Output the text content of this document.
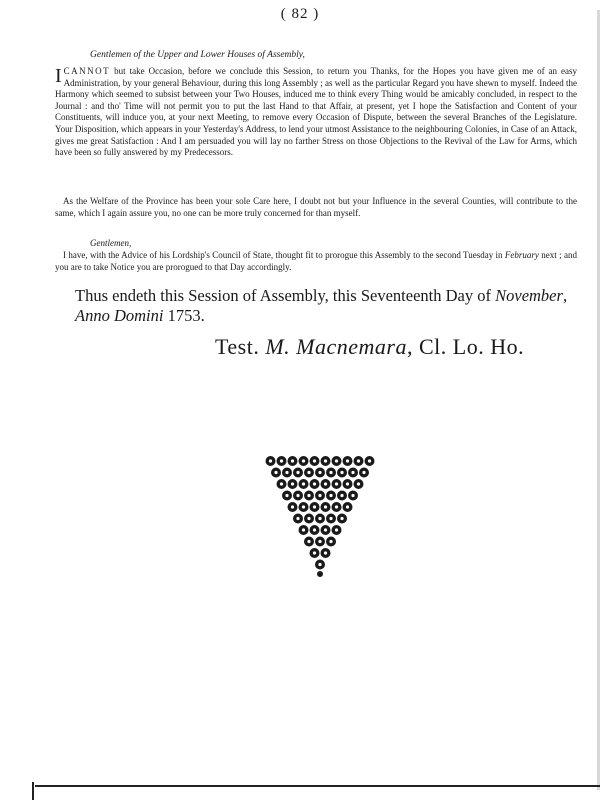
( 82 )
Gentlemen of the Upper and Lower Houses of Assembly,
ICANNOT but take Occasion, before we conclude this Session, to return you Thanks, for the Hopes you have given me of an easy Administration, by your general Behaviour, during this long Assembly ; as well as the particular Regard you have shewn to myself. Indeed the Harmony which seemed to subsist between your Two Houses, induced me to think every Thing would be amicably concluded, in respect to the Journal : and tho' Time will not permit you to put the last Hand to that Affair, at present, yet I hope the Satisfaction and Content of your Constituents, will induce you, at your next Meeting, to remove every Occasion of Dispute, between the several Branches of the Legislature. Your Disposition, which appears in your Yesterday's Address, to lend your utmost Assistance to the neighbouring Colonies, in Case of an Attack, gives me great Satisfaction : And I am persuaded you will lay no farther Stress on those Objections to the Revival of the Law for Arms, which have been so fully answered by my Predecessors.
As the Welfare of the Province has been your sole Care here, I doubt not but your Influence in the several Counties, will contribute to the same, which I again assure you, no one can be more truly concerned for than myself.
Gentlemen,
I have, with the Advice of his Lordship's Council of State, thought fit to prorogue this Assembly to the second Tuesday in February next ; and you are to take Notice you are prorogued to that Day accordingly.
Thus endeth this Session of Assembly, this Seventeenth Day of November, Anno Domini 1753.
Test. M. Macnemara, Cl. Lo. Ho.
